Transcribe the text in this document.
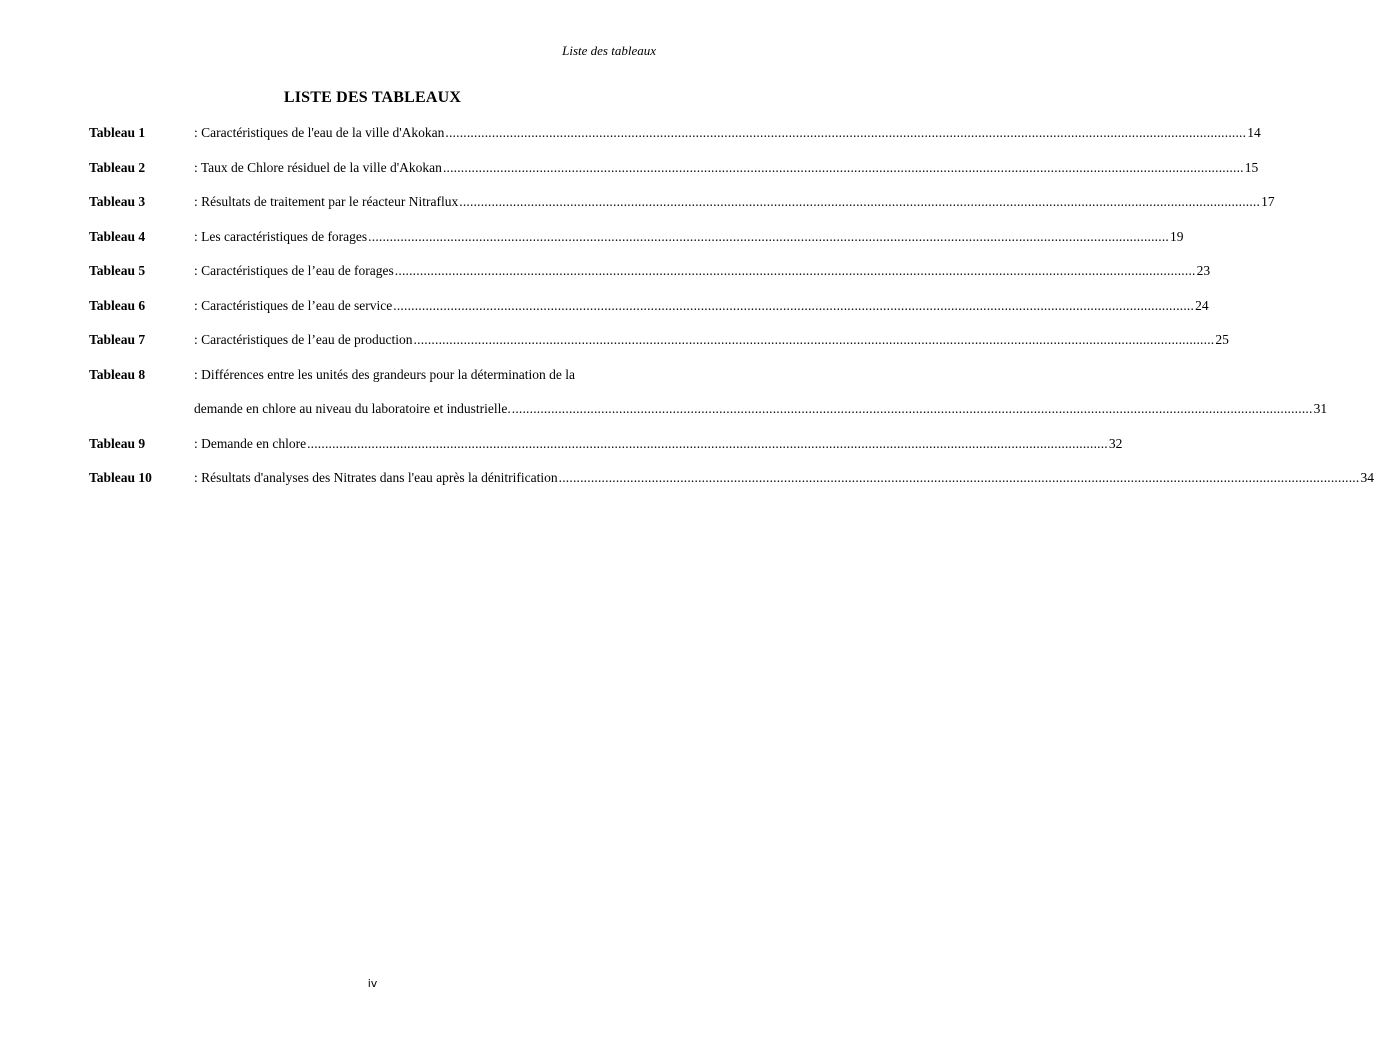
Liste des tableaux
LISTE DES TABLEAUX
Tableau 1	: Caractéristiques de l'eau de la ville d'Akokan .....	14
Tableau 2	: Taux de Chlore résiduel de la ville d'Akokan .....	15
Tableau 3	: Résultats de traitement par le réacteur Nitraflux .....	17
Tableau 4	: Les caractéristiques de forages .....	19
Tableau 5	: Caractéristiques de l’eau de forages .....	23
Tableau 6	: Caractéristiques de l’eau de service .....	24
Tableau 7	: Caractéristiques de l’eau de production .....	25
Tableau 8	: Différences entre les unités des grandeurs pour la détermination de la
demande en chlore au niveau du laboratoire et industrielle. .....	31
Tableau 9	: Demande en chlore .....	32
Tableau 10	: Résultats d'analyses des Nitrates dans l'eau après la dénitrification .....	34
iv
